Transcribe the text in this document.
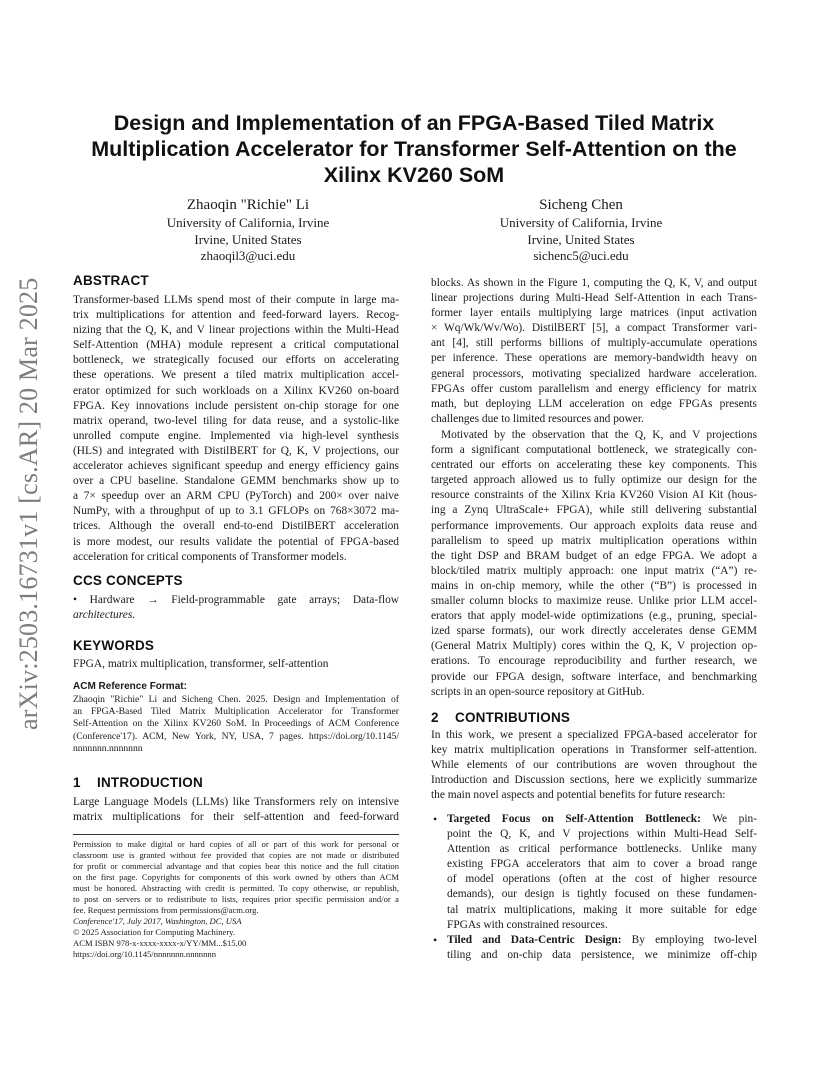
Design and Implementation of an FPGA-Based Tiled Matrix
Multiplication Accelerator for Transformer Self-Attention on the
Xilinx KV260 SoM
Zhaoqin "Richie" Li
University of California, Irvine
Irvine, United States
zhaoqil3@uci.edu
Sicheng Chen
University of California, Irvine
Irvine, United States
sichenc5@uci.edu
arXiv:2503.16731v1 [cs.AR] 20 Mar 2025 ABSTRACT
Transformer-based LLMs spend most of their compute in large ma-
trix multiplications for attention and feed-forward layers. Recog-
nizing that the Q, K, and V linear projections within the Multi-Head
Self-Attention (MHA) module represent a critical computational
bottleneck, we strategically focused our efforts on accelerating
these operations. We present a tiled matrix multiplication accel-
erator optimized for such workloads on a Xilinx KV260 on-board
FPGA. Key innovations include persistent on-chip storage for one
matrix operand, two-level tiling for data reuse, and a systolic-like
unrolled compute engine. Implemented via high-level synthesis
(HLS) and integrated with DistilBERT for Q, K, V projections, our
accelerator achieves significant speedup and energy efficiency gains
over a CPU baseline. Standalone GEMM benchmarks show up to
a 7× speedup over an ARM CPU (PyTorch) and 200× over naive
NumPy, with a throughput of up to 3.1 GFLOPs on 768×3072 ma-
trices. Although the overall end-to-end DistilBERT acceleration
is more modest, our results validate the potential of FPGA-based
acceleration for critical components of Transformer models.
CCS CONCEPTS
• Hardware → Field-programmable gate arrays; Data-flow
architectures.
KEYWORDS
FPGA, matrix multiplication, transformer, self-attention
ACM Reference Format:
Zhaoqin "Richie" Li and Sicheng Chen. 2025. Design and Implementation of
an FPGA-Based Tiled Matrix Multiplication Accelerator for Transformer
Self-Attention on the Xilinx KV260 SoM. In Proceedings of ACM Conference
(Conference'17). ACM, New York, NY, USA, 7 pages. https://doi.org/10.1145/
nnnnnnn.nnnnnnn
1 INTRODUCTION
Large Language Models (LLMs) like Transformers rely on intensive
matrix multiplications for their self-attention and feed-forward
Permission to make digital or hard copies of all or part of this work for personal or
classroom use is granted without fee provided that copies are not made or distributed
for profit or commercial advantage and that copies bear this notice and the full citation
on the first page. Copyrights for components of this work owned by others than ACM
must be honored. Abstracting with credit is permitted. To copy otherwise, or republish,
to post on servers or to redistribute to lists, requires prior specific permission and/or a
fee. Request permissions from permissions@acm.org.
Conference'17, July 2017, Washington, DC, USA
© 2025 Association for Computing Machinery.
ACM ISBN 978-x-xxxx-xxxx-x/YY/MM...$15.00
https://doi.org/10.1145/nnnnnnn.nnnnnnn
blocks. As shown in the Figure 1, computing the Q, K, V, and output
linear projections during Multi-Head Self-Attention in each Trans-
former layer entails multiplying large matrices (input activation
× Wq/Wk/Wv/Wo). DistilBERT [5], a compact Transformer vari-
ant [4], still performs billions of multiply-accumulate operations
per inference. These operations are memory-bandwidth heavy on
general processors, motivating specialized hardware acceleration.
FPGAs offer custom parallelism and energy efficiency for matrix
math, but deploying LLM acceleration on edge FPGAs presents
challenges due to limited resources and power.
Motivated by the observation that the Q, K, and V projections
form a significant computational bottleneck, we strategically con-
centrated our efforts on accelerating these key components. This
targeted approach allowed us to fully optimize our design for the
resource constraints of the Xilinx Kria KV260 Vision AI Kit (hous-
ing a Zynq UltraScale+ FPGA), while still delivering substantial
performance improvements. Our approach exploits data reuse and
parallelism to speed up matrix multiplication operations within
the tight DSP and BRAM budget of an edge FPGA. We adopt a
block/tiled matrix multiply approach: one input matrix (“A”) re-
mains in on-chip memory, while the other (“B”) is processed in
smaller column blocks to maximize reuse. Unlike prior LLM accel-
erators that apply model-wide optimizations (e.g., pruning, special-
ized sparse formats), our work directly accelerates dense GEMM
(General Matrix Multiply) cores within the Q, K, V projection op-
erations. To encourage reproducibility and further research, we
provide our FPGA design, software interface, and benchmarking
scripts in an open-source repository at GitHub.
2 CONTRIBUTIONS
In this work, we present a specialized FPGA-based accelerator for
key matrix multiplication operations in Transformer self-attention.
While elements of our contributions are woven throughout the
Introduction and Discussion sections, here we explicitly summarize
the main novel aspects and potential benefits for future research:
• Targeted Focus on Self-Attention Bottleneck: We pin-
point the Q, K, and V projections within Multi-Head Self-
Attention as critical performance bottlenecks. Unlike many
existing FPGA accelerators that aim to cover a broad range
of model operations (often at the cost of higher resource
demands), our design is tightly focused on these fundamen-
tal matrix multiplications, making it more suitable for edge
FPGAs with constrained resources.
• Tiled and Data-Centric Design: By employing two-level
tiling and on-chip data persistence, we minimize off-chip
